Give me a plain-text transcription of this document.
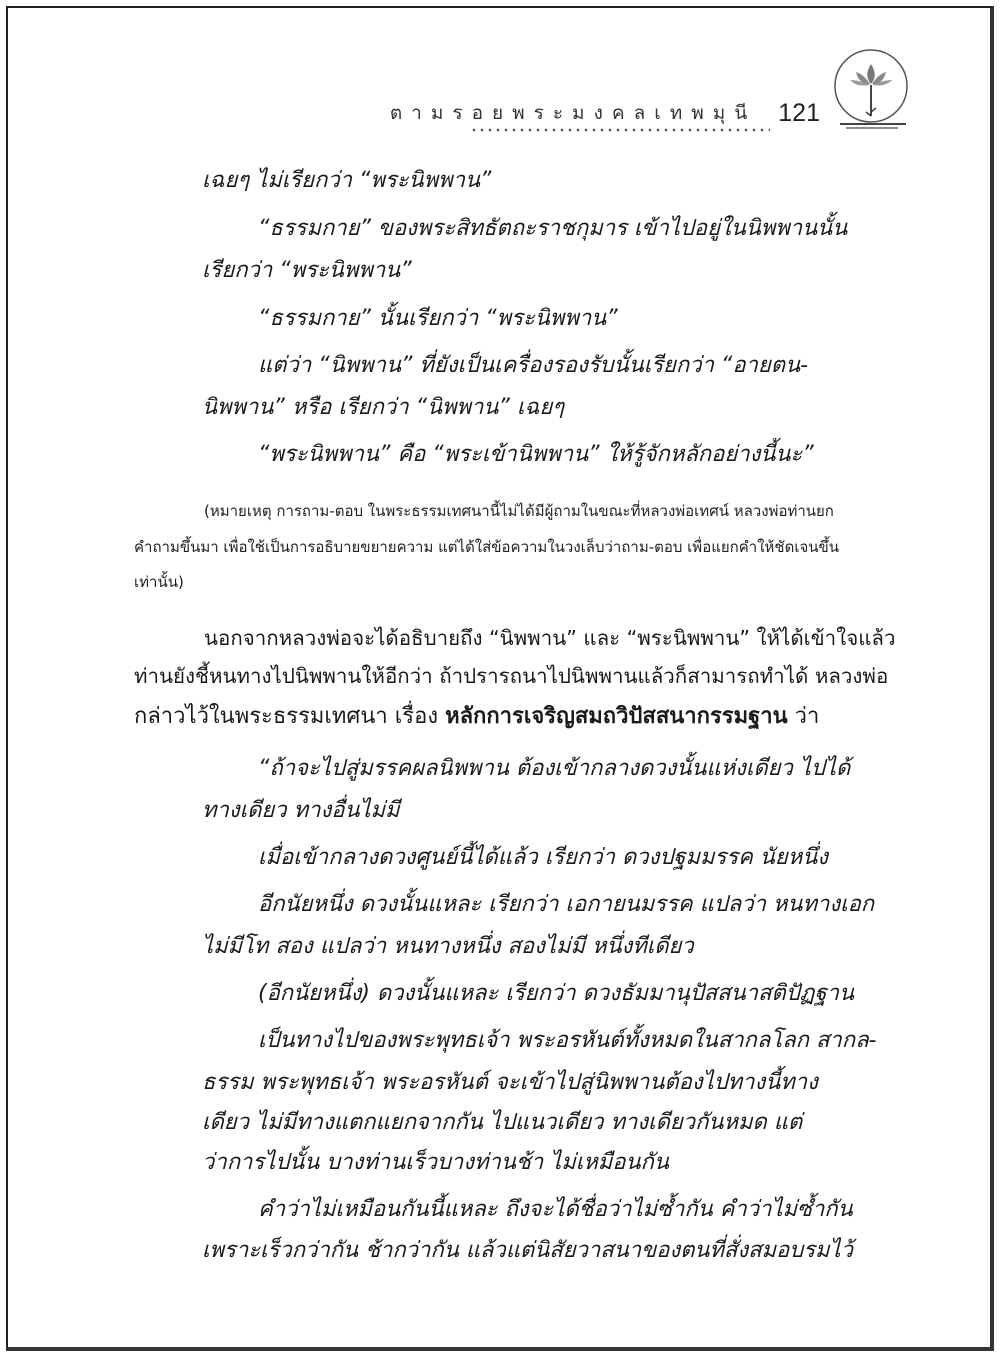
ตามรอยพระมงคลเทพมุนี 121
เฉยๆ ไม่เรียกว่า “พระนิพพาน”
“ธรรมกาย” ของพระสิทธัตถะราชกุมาร เข้าไปอยู่ในนิพพานนั้น
เรียกว่า “พระนิพพาน”
“ธรรมกาย” นั้นเรียกว่า “พระนิพพาน”
แต่ว่า “นิพพาน” ที่ยังเป็นเครื่องรองรับนั้นเรียกว่า “อายตน-
นิพพาน” หรือ เรียกว่า “นิพพาน” เฉยๆ
“พระนิพพาน” คือ “พระเข้านิพพาน” ให้รู้จักหลักอย่างนี้นะ”
(หมายเหตุ การถาม-ตอบ ในพระธรรมเทศนานี้ไม่ได้มีผู้ถามในขณะที่หลวงพ่อเทศน์ หลวงพ่อท่านยก
คำถามขึ้นมา เพื่อใช้เป็นการอธิบายขยายความ แต่ได้ใส่ข้อความในวงเล็บว่าถาม-ตอบ เพื่อแยกคำให้ชัดเจนขึ้น
เท่านั้น)
นอกจากหลวงพ่อจะได้อธิบายถึง “นิพพาน” และ “พระนิพพาน” ให้ได้เข้าใจแล้ว
ท่านยังชี้หนทางไปนิพพานให้อีกว่า ถ้าปรารถนาไปนิพพานแล้วก็สามารถทำได้ หลวงพ่อ
กล่าวไว้ในพระธรรมเทศนา เรื่อง หลักการเจริญสมถวิปัสสนากรรมฐาน ว่า
“ถ้าจะไปสู่มรรคผลนิพพาน ต้องเข้ากลางดวงนั้นแห่งเดียว ไปได้
ทางเดียว ทางอื่นไม่มี
เมื่อเข้ากลางดวงศูนย์นี้ได้แล้ว เรียกว่า ดวงปฐมมรรค นัยหนึ่ง
อีกนัยหนึ่ง ดวงนั้นแหละ เรียกว่า เอกายนมรรค แปลว่า หนทางเอก
ไม่มีโท สอง แปลว่า หนทางหนึ่ง สองไม่มี หนึ่งทีเดียว
(อีกนัยหนึ่ง) ดวงนั้นแหละ เรียกว่า ดวงธัมมานุปัสสนาสติปัฏฐาน
เป็นทางไปของพระพุทธเจ้า พระอรหันต์ทั้งหมดในสากลโลก สากล-
ธรรม พระพุทธเจ้า พระอรหันต์ จะเข้าไปสู่นิพพานต้องไปทางนี้ทาง
เดียว ไม่มีทางแตกแยกจากกัน ไปแนวเดียว ทางเดียวกันหมด แต่
ว่าการไปนั้น บางท่านเร็วบางท่านช้า ไม่เหมือนกัน
คำว่าไม่เหมือนกันนี้แหละ ถึงจะได้ชื่อว่าไม่ซ้ำกัน คำว่าไม่ซ้ำกัน
เพราะเร็วกว่ากัน ช้ากว่ากัน แล้วแต่นิสัยวาสนาของตนที่สั่งสมอบรมไว้
